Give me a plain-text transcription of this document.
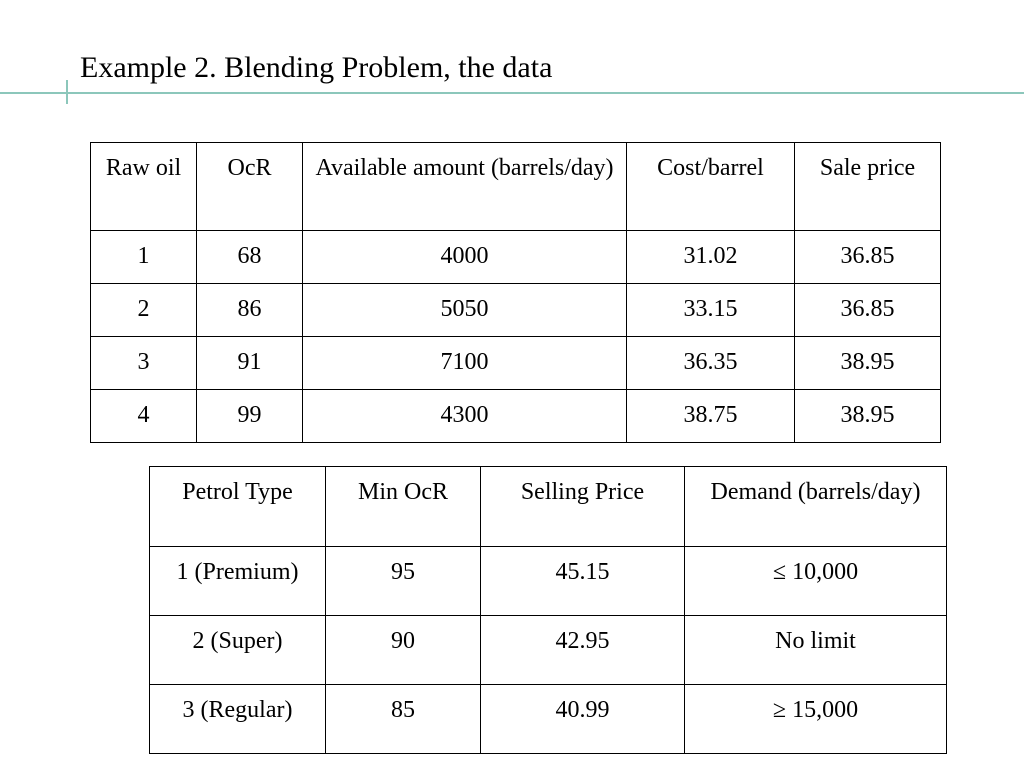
Example 2. Blending Problem, the data
Raw oil	OcR	Available amount (barrels/day)	Cost/barrel	Sale price
1	68	4000	31.02	36.85
2	86	5050	33.15	36.85
3	91	7100	36.35	38.95
4	99	4300	38.75	38.95
Petrol Type	Min OcR	Selling Price	Demand (barrels/day)
1 (Premium)	95	45.15	≤ 10,000
2 (Super)	90	42.95	No limit
3 (Regular)	85	40.99	≥ 15,000
